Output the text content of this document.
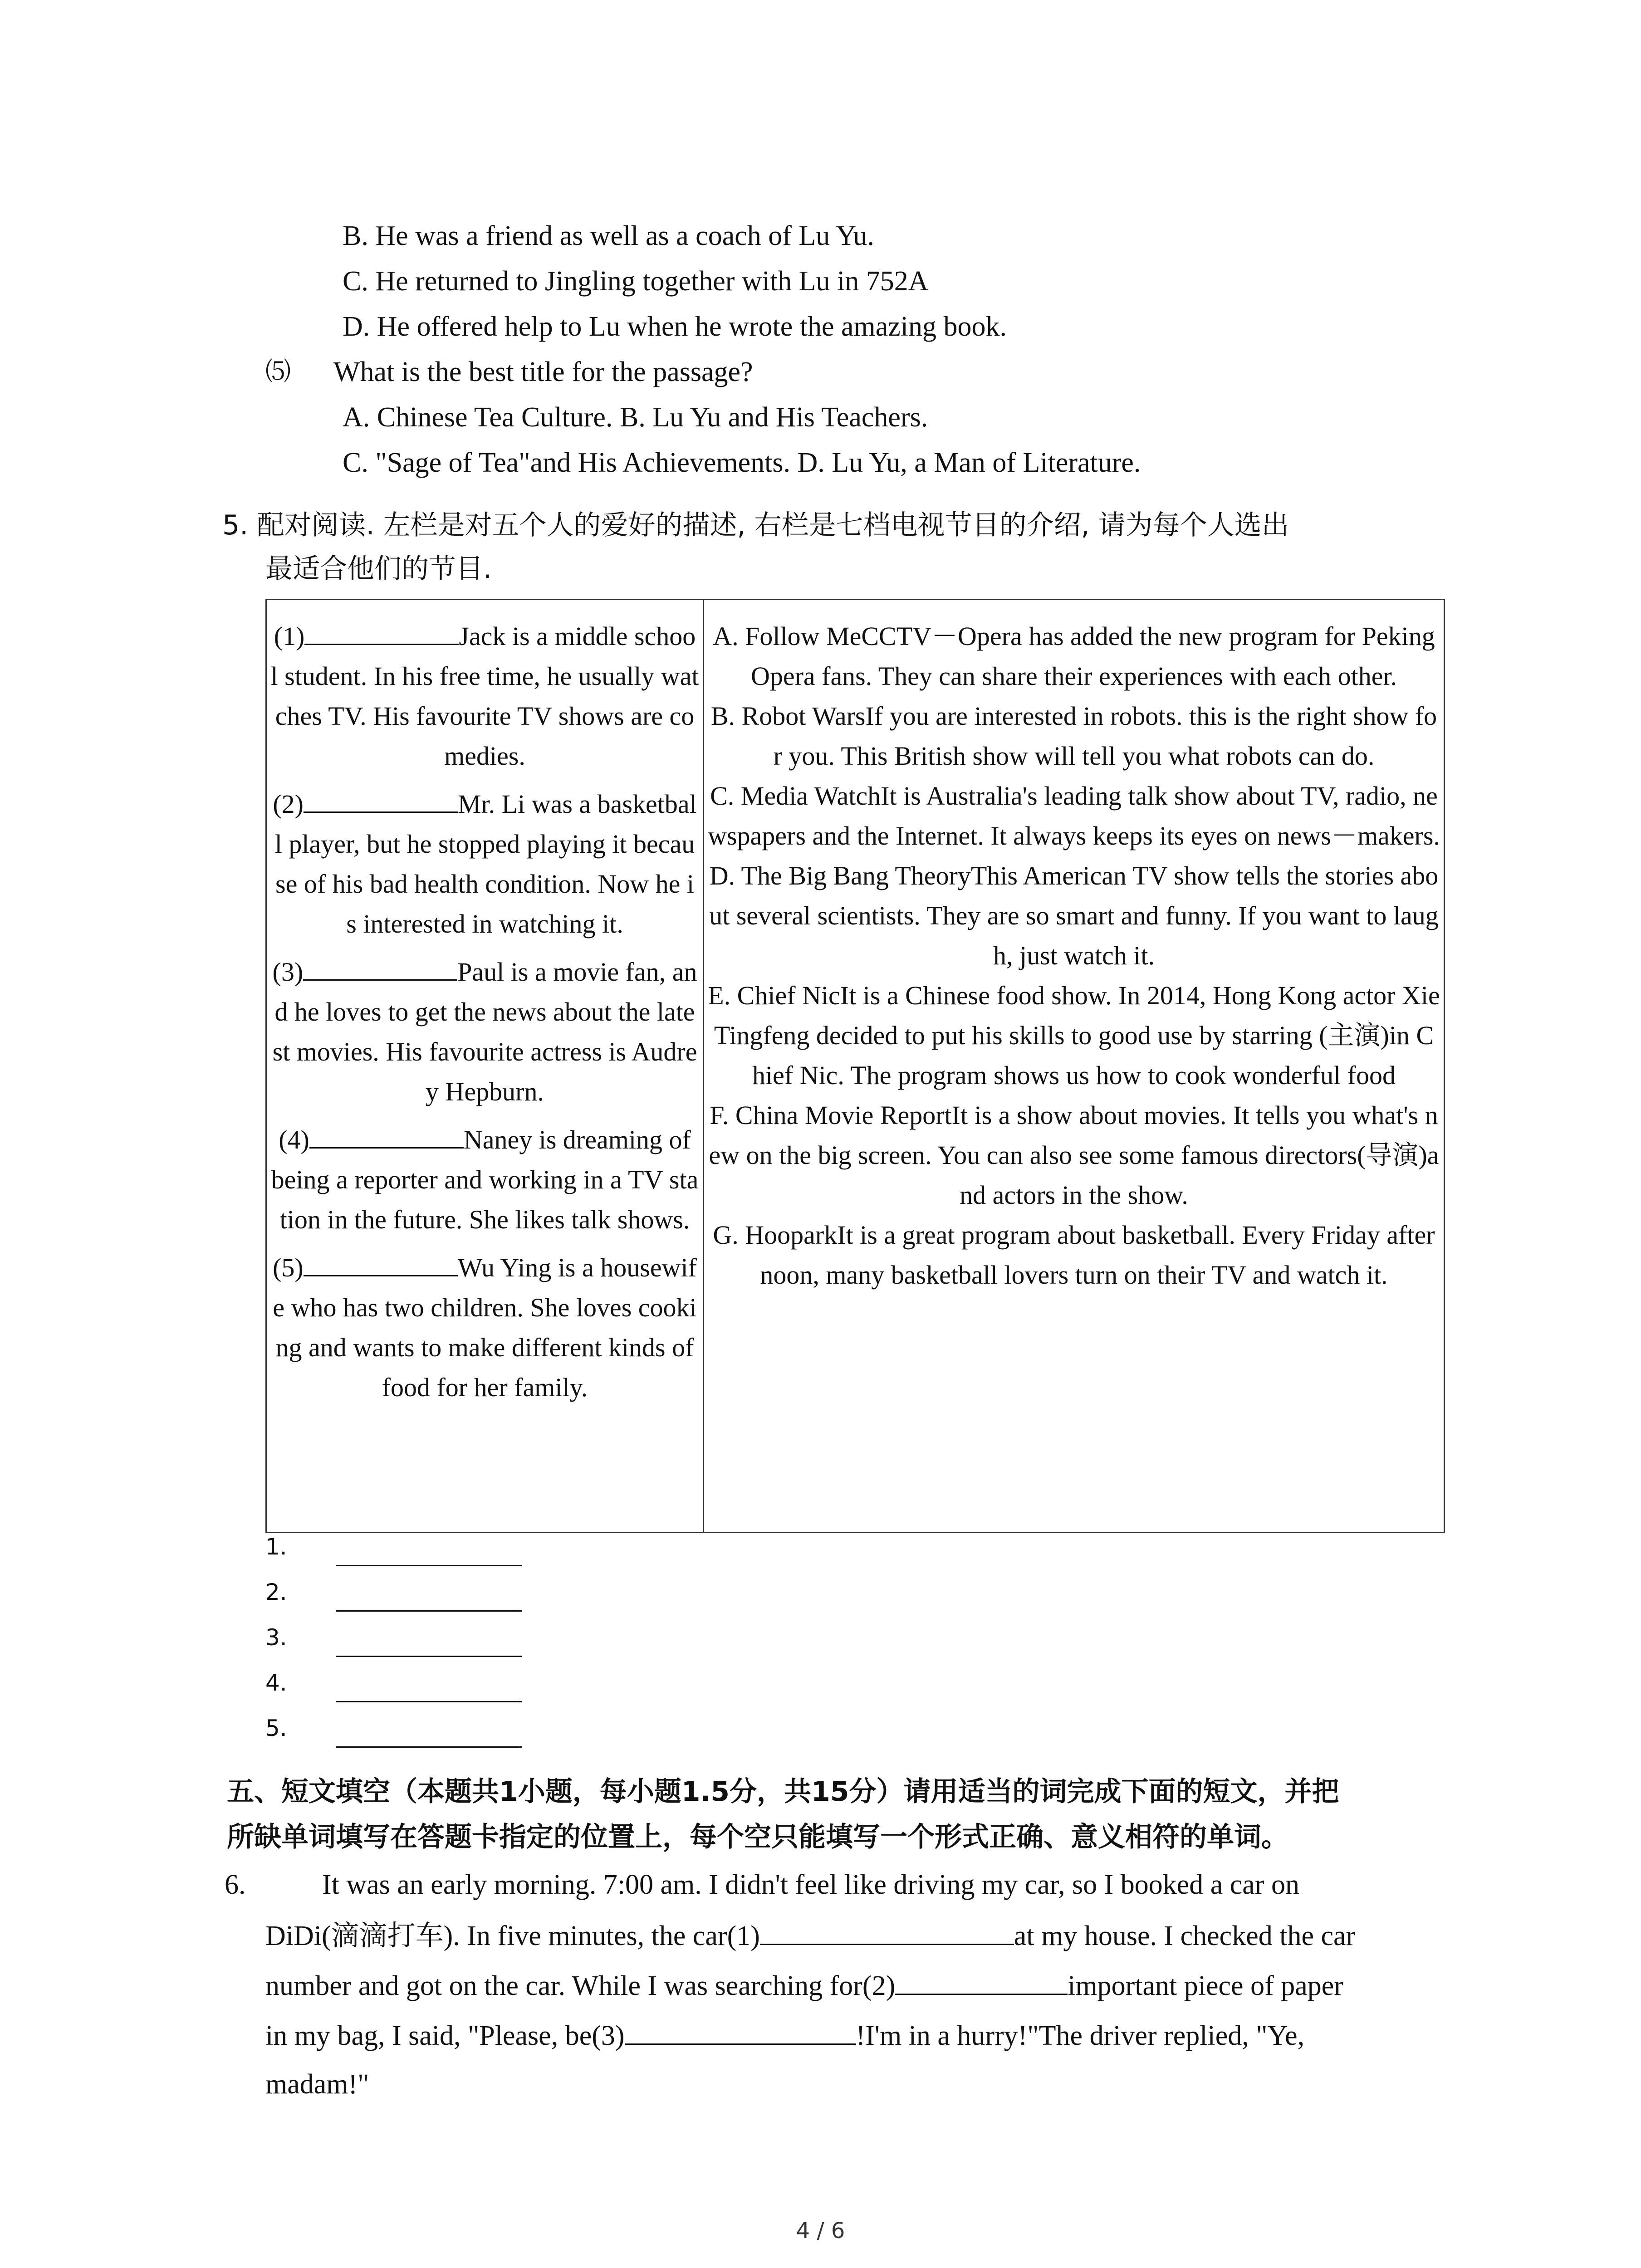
B. He was a friend as well as a coach of Lu Yu.
C. He returned to Jingling together with Lu in 752A
D. He offered help to Lu when he wrote the amazing book.
⑸ What is the best title for the passage?
A. Chinese Tea Culture. B. Lu Yu and His Teachers.
C. "Sage of Tea"and His Achievements. D. Lu Yu, a Man of Literature.
5. 配对阅读. 左栏是对五个人的爱好的描述, 右栏是七档电视节目的介绍, 请为每个人选出
最适合他们的节目.
(1)	Jack is a middle school student. In his free time, he usually watches TV. His favourite TV shows are comedies.
(2)	Mr. Li was a basketball player, but he stopped playing it because of his bad health condition. Now he is interested in watching it.
(3)	Paul is a movie fan, and he loves to get the news about the latest movies. His favourite actress is Audrey Hepburn.
(4)	Naney is dreaming of being a reporter and working in a TV station in the future. She likes talk shows.
(5)	Wu Ying is a housewife who has two children. She loves cooking and wants to make different kinds of food for her family.

A. Follow MeCCTV－Opera has added the new program for Peking Opera fans. They can share their experiences with each other.
B. Robot WarsIf you are interested in robots. this is the right show for you. This British show will tell you what robots can do.
C. Media WatchIt is Australia's leading talk show about TV, radio, newspapers and the Internet. It always keeps its eyes on news－makers. D. The Big Bang TheoryThis American TV show tells the stories about several scientists. They are so smart and funny. If you want to laugh, just watch it.
E. Chief NicIt is a Chinese food show. In 2014, Hong Kong actor Xie Tingfeng decided to put his skills to good use by starring (主演)in Chief Nic. The program shows us how to cook wonderful food
F. China Movie ReportIt is a show about movies. It tells you what's new on the big screen. You can also see some famous directors(导演)and actors in the show.
G. HooparkIt is a great program about basketball. Every Friday afternoon, many basketball lovers turn on their TV and watch it.
1.
2.
3.
4.
5.
五、短文填空（本题共1小题，每小题1.5分，共15分）请用适当的词完成下面的短文，并把
所缺单词填写在答题卡指定的位置上，每个空只能填写一个形式正确、意义相符的单词。
6.	It was an early morning. 7:00 am. I didn't feel like driving my car, so I booked a car on
DiDi(滴滴打车). In five minutes, the car(1)	at my house. I checked the car
number and got on the car. While I was searching for(2)	important piece of paper
in my bag, I said, "Please, be(3)	!I'm in a hurry!"The driver replied, "Ye,
madam!"
4 / 6
